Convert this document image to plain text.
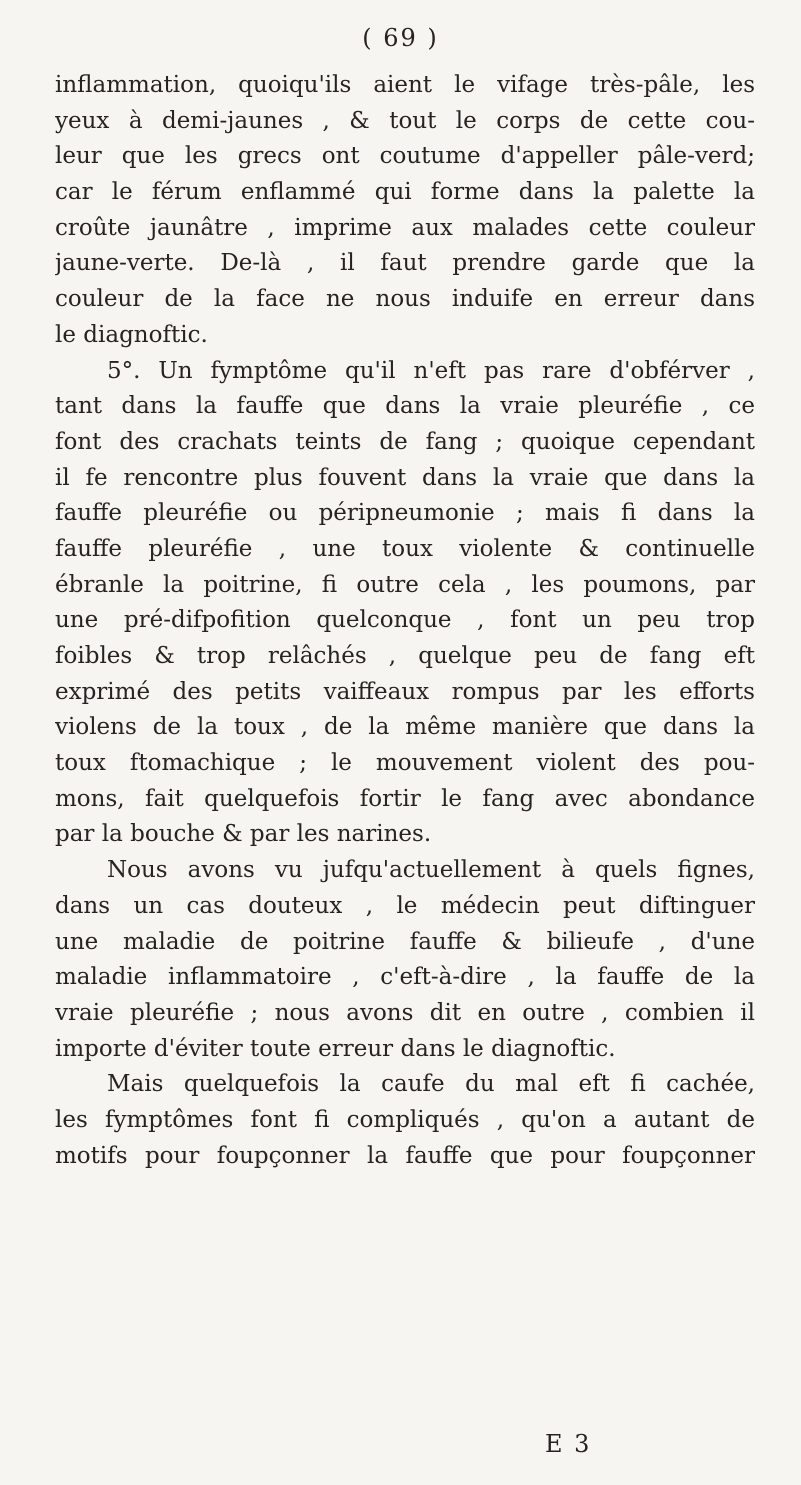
( 69 )
inflammation, quoiqu'ils aient le vifage très-pâle, les
yeux à demi-jaunes , & tout le corps de cette cou-
leur que les grecs ont coutume d'appeller pâle-verd;
car le férum enflammé qui forme dans la palette la
croûte jaunâtre , imprime aux malades cette couleur
jaune-verte. De-là , il faut prendre garde que la
couleur de la face ne nous induife en erreur dans
le diagnoftic.
5°. Un fymptôme qu'il n'eft pas rare d'obférver ,
tant dans la fauffe que dans la vraie pleuréfie , ce
font des crachats teints de fang ; quoique cependant
il fe rencontre plus fouvent dans la vraie que dans la
fauffe pleuréfie ou péripneumonie ; mais fi dans la
fauffe pleuréfie , une toux violente & continuelle
ébranle la poitrine, fi outre cela , les poumons, par
une pré-difpofition quelconque , font un peu trop
foibles & trop relâchés , quelque peu de fang eft
exprimé des petits vaiffeaux rompus par les efforts
violens de la toux , de la même manière que dans la
toux ftomachique ; le mouvement violent des pou-
mons, fait quelquefois fortir le fang avec abondance
par la bouche & par les narines.
Nous avons vu jufqu'actuellement à quels fignes,
dans un cas douteux , le médecin peut diftinguer
une maladie de poitrine fauffe & bilieufe , d'une
maladie inflammatoire , c'eft-à-dire , la fauffe de la
vraie pleuréfie ; nous avons dit en outre , combien il
importe d'éviter toute erreur dans le diagnoftic.
Mais quelquefois la caufe du mal eft fi cachée,
les fymptômes font fi compliqués , qu'on a autant de
motifs pour foupçonner la fauffe que pour foupçonner
E 3
